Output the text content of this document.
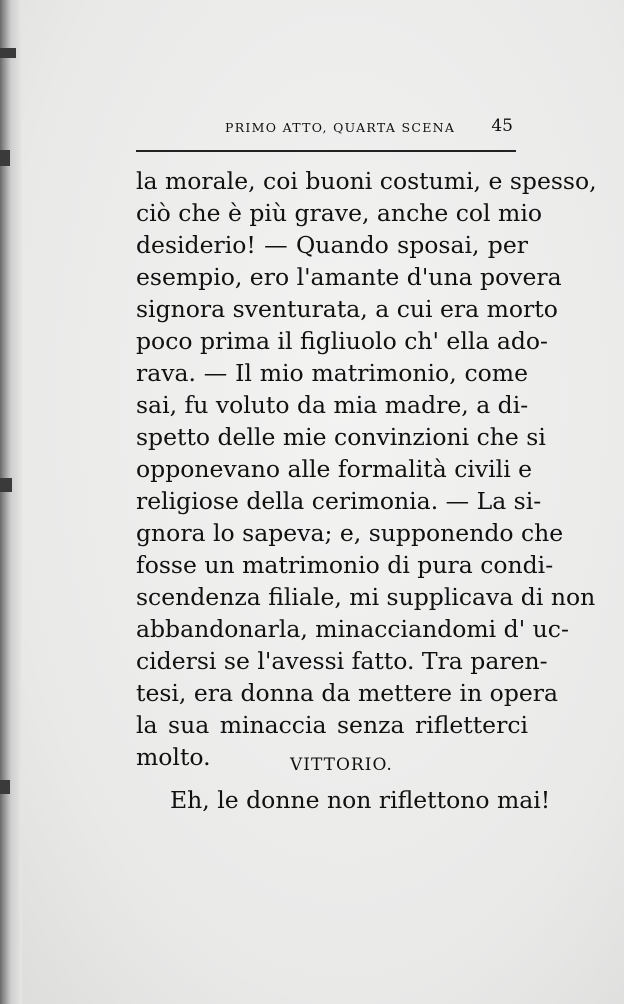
PRIMO ATTO, QUARTA SCENA 45
la morale, coi buoni costumi, e spesso,
ciò che è più grave, anche col mio
desiderio! — Quando sposai, per
esempio, ero l'amante d'una povera
signora sventurata, a cui era morto
poco prima il figliuolo ch' ella ado-
rava. — Il mio matrimonio, come
sai, fu voluto da mia madre, a di-
spetto delle mie convinzioni che si
opponevano alle formalità civili e
religiose della cerimonia. — La si-
gnora lo sapeva; e, supponendo che
fosse un matrimonio di pura condi-
scendenza filiale, mi supplicava di non
abbandonarla, minacciandomi d' uc-
cidersi se l'avessi fatto. Tra paren-
tesi, era donna da mettere in opera
la sua minaccia senza rifletterci
molto.	VITTORIO.
Eh, le donne non riflettono mai!
